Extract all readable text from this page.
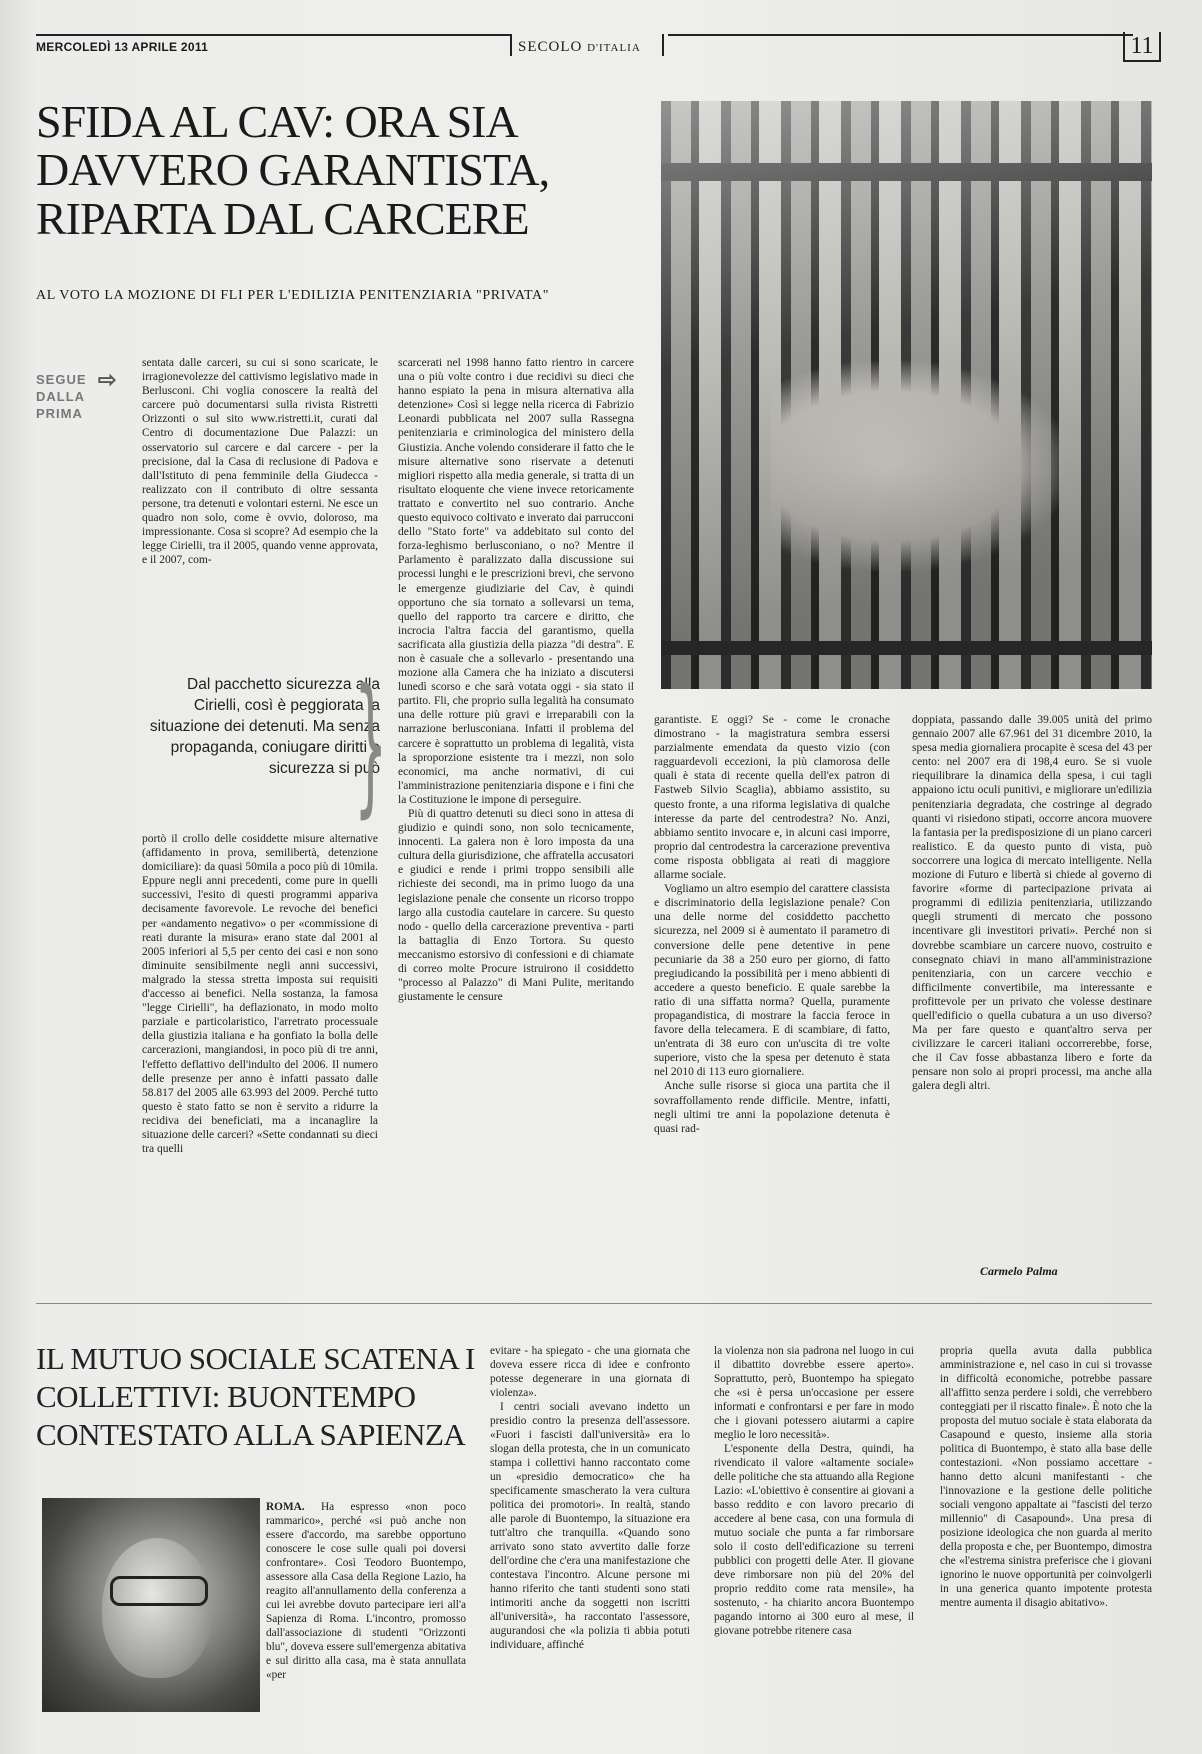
MERCOLEDÌ 13 APRILE 2011	SECOLO D'ITALIA	11
SFIDA AL CAV: ORA SIA DAVVERO GARANTISTA, RIPARTA DAL CARCERE
AL VOTO LA MOZIONE DI FLI PER L'EDILIZIA PENITENZIARIA "PRIVATA"
SEGUE DALLA PRIMA
⇨

sentata dalle carceri, su cui si sono scaricate, le irragionevolezze del cattivismo legislativo made in Berlusconi. Chi voglia conoscere la realtà del carcere può documentarsi sulla rivista Ristretti Orizzonti o sul sito www.ristretti.it, curati dal Centro di documentazione Due Palazzi: un osservatorio sul carcere e dal carcere - per la precisione, dal la Casa di reclusione di Padova e dall'Istituto di pena femminile della Giudecca - realizzato con il contributo di oltre sessanta persone, tra detenuti e volontari esterni. Ne esce un quadro non solo, come è ovvio, doloroso, ma impressionante. Cosa si scopre? Ad esempio che la legge Cirielli, tra il 2005, quando venne approvata, e il 2007, com-

Dal pacchetto sicurezza alla Cirielli, così è peggiorata la situazione dei detenuti. Ma senza propaganda, coniugare diritti e sicurezza si può
}

portò il crollo delle cosiddette misure alternative (affidamento in prova, semilibertà, detenzione domiciliare): da quasi 50mila a poco più di 10mila. Eppure negli anni precedenti, come pure in quelli successivi, l'esito di questi programmi appariva decisamente favorevole. Le revoche dei benefici per «andamento negativo» o per «commissione di reati durante la misura» erano state dal 2001 al 2005 inferiori al 5,5 per cento dei casi e non sono diminuite sensibilmente negli anni successivi, malgrado la stessa stretta imposta sui requisiti d'accesso ai benefici. Nella sostanza, la famosa "legge Cirielli", ha deflazionato, in modo molto parziale e particolaristico, l'arretrato processuale della giustizia italiana e ha gonfiato la bolla delle carcerazioni, mangiandosi, in poco più di tre anni, l'effetto deflattivo dell'indulto del 2006. Il numero delle presenze per anno è infatti passato dalle 58.817 del 2005 alle 63.993 del 2009. Perché tutto questo è stato fatto se non è servito a ridurre la recidiva dei beneficiati, ma a incanaglire la situazione delle carceri? «Sette condannati su dieci tra quelli

scarcerati nel 1998 hanno fatto rientro in carcere una o più volte contro i due recidivi su dieci che hanno espiato la pena in misura alternativa alla detenzione» Così si legge nella ricerca di Fabrizio Leonardi pubblicata nel 2007 sulla Rassegna penitenziaria e criminologica del ministero della Giustizia. Anche volendo considerare il fatto che le misure alternative sono riservate a detenuti migliori rispetto alla media generale, si tratta di un risultato eloquente che viene invece retoricamente trattato e convertito nel suo contrario. Anche questo equivoco coltivato e inverato dai parrucconi dello "Stato forte" va addebitato sul conto del forza-leghismo berlusconiano, o no? Mentre il Parlamento è paralizzato dalla discussione sui processi lunghi e le prescrizioni brevi, che servono le emergenze giudiziarie del Cav, è quindi opportuno che sia tornato a sollevarsi un tema, quello del rapporto tra carcere e diritto, che incrocia l'altra faccia del garantismo, quella sacrificata alla giustizia della piazza "di destra". E non è casuale che a sollevarlo - presentando una mozione alla Camera che ha iniziato a discutersi lunedì scorso e che sarà votata oggi - sia stato il partito. Fli, che proprio sulla legalità ha consumato una delle rotture più gravi e irreparabili con la narrazione berlusconiana. Infatti il problema del carcere è soprattutto un problema di legalità, vista la sproporzione esistente tra i mezzi, non solo economici, ma anche normativi, di cui l'amministrazione penitenziaria dispone e i fini che la Costituzione le impone di perseguire.

Più di quattro detenuti su dieci sono in attesa di giudizio e quindi sono, non solo tecnicamente, innocenti. La galera non è loro imposta da una cultura della giurisdizione, che affratella accusatori e giudici e rende i primi troppo sensibili alle richieste dei secondi, ma in primo luogo da una legislazione penale che consente un ricorso troppo largo alla custodia cautelare in carcere. Su questo nodo - quello della carcerazione preventiva - parti la battaglia di Enzo Tortora. Su questo meccanismo estorsivo di confessioni e di chiamate di correo molte Procure istruirono il cosiddetto "processo al Palazzo" di Mani Pulite, meritando giustamente le censure

garantiste. E oggi? Se - come le cronache dimostrano - la magistratura sembra essersi parzialmente emendata da questo vizio (con ragguardevoli eccezioni, la più clamorosa delle quali è stata di recente quella dell'ex patron di Fastweb Silvio Scaglia), abbiamo assistito, su questo fronte, a una riforma legislativa di qualche interesse da parte del centrodestra? No. Anzi, abbiamo sentito invocare e, in alcuni casi imporre, proprio dal centrodestra la carcerazione preventiva come risposta obbligata ai reati di maggiore allarme sociale.

Vogliamo un altro esempio del carattere classista e discriminatorio della legislazione penale? Con una delle norme del cosiddetto pacchetto sicurezza, nel 2009 si è aumentato il parametro di conversione delle pene detentive in pene pecuniarie da 38 a 250 euro per giorno, di fatto pregiudicando la possibilità per i meno abbienti di accedere a questo beneficio. E quale sarebbe la ratio di una siffatta norma? Quella, puramente propagandistica, di mostrare la faccia feroce in favore della telecamera. E di scambiare, di fatto, un'entrata di 38 euro con un'uscita di tre volte superiore, visto che la spesa per detenuto è stata nel 2010 di 113 euro giornaliere.

Anche sulle risorse si gioca una partita che il sovraffollamento rende difficile. Mentre, infatti, negli ultimi tre anni la popolazione detenuta è quasi rad-

doppiata, passando dalle 39.005 unità del primo gennaio 2007 alle 67.961 del 31 dicembre 2010, la spesa media giornaliera procapite è scesa del 43 per cento: nel 2007 era di 198,4 euro. Se si vuole riequilibrare la dinamica della spesa, i cui tagli appaiono ictu oculi punitivi, e migliorare un'edilizia penitenziaria degradata, che costringe al degrado quanti vi risiedono stipati, occorre ancora muovere la fantasia per la predisposizione di un piano carceri realistico. E da questo punto di vista, può soccorrere una logica di mercato intelligente. Nella mozione di Futuro e libertà si chiede al governo di favorire «forme di partecipazione privata ai programmi di edilizia penitenziaria, utilizzando quegli strumenti di mercato che possono incentivare gli investitori privati». Perché non si dovrebbe scambiare un carcere nuovo, costruito e consegnato chiavi in mano all'amministrazione penitenziaria, con un carcere vecchio e difficilmente convertibile, ma interessante e profittevole per un privato che volesse destinare quell'edificio o quella cubatura a un uso diverso? Ma per fare questo e quant'altro serva per civilizzare le carceri italiani occorrerebbe, forse, che il Cav fosse abbastanza libero e forte da pensare non solo ai propri processi, ma anche alla galera degli altri.

Carmelo Palma
IL MUTUO SOCIALE SCATENA I COLLETTIVI: BUONTEMPO CONTESTATO ALLA SAPIENZA

ROMA. Ha espresso «non poco rammarico», perché «si può anche non essere d'accordo, ma sarebbe opportuno conoscere le cose sulle quali poi doversi confrontare». Così Teodoro Buontempo, assessore alla Casa della Regione Lazio, ha reagito all'annullamento della conferenza a cui lei avrebbe dovuto partecipare ieri all'a Sapienza di Roma. L'incontro, promosso dall'associazione di studenti "Orizzonti blu", doveva essere sull'emergenza abitativa e sul diritto alla casa, ma è stata annullata «per

evitare - ha spiegato - che una giornata che doveva essere ricca di idee e confronto potesse degenerare in una giornata di violenza».

I centri sociali avevano indetto un presidio contro la presenza dell'assessore. «Fuori i fascisti dall'università» era lo slogan della protesta, che in un comunicato stampa i collettivi hanno raccontato come un «presidio democratico» che ha specificamente smascherato la vera cultura politica dei promotori». In realtà, stando alle parole di Buontempo, la situazione era tutt'altro che tranquilla. «Quando sono arrivato sono stato avvertito dalle forze dell'ordine che c'era una manifestazione che contestava l'incontro. Alcune persone mi hanno riferito che tanti studenti sono stati intimoriti anche da soggetti non iscritti all'università», ha raccontato l'assessore, augurandosi che «la polizia ti abbia potuti individuare, affinché

la violenza non sia padrona nel luogo in cui il dibattito dovrebbe essere aperto». Soprattutto, però, Buontempo ha spiegato che «si è persa un'occasione per essere informati e confrontarsi e per fare in modo che i giovani potessero aiutarmi a capire meglio le loro necessità».

L'esponente della Destra, quindi, ha rivendicato il valore «altamente sociale» delle politiche che sta attuando alla Regione Lazio: «L'obiettivo è consentire ai giovani a basso reddito e con lavoro precario di accedere al bene casa, con una formula di mutuo sociale che punta a far rimborsare solo il costo dell'edificazione su terreni pubblici con progetti delle Ater. Il giovane deve rimborsare non più del 20% del proprio reddito come rata mensile», ha sostenuto, - ha chiarito ancora Buontempo pagando intorno ai 300 euro al mese, il giovane potrebbe ritenere casa

propria quella avuta dalla pubblica amministrazione e, nel caso in cui si trovasse in difficoltà economiche, potrebbe passare all'affitto senza perdere i soldi, che verrebbero conteggiati per il riscatto finale». È noto che la proposta del mutuo sociale è stata elaborata da Casapound e questo, insieme alla storia politica di Buontempo, è stato alla base delle contestazioni. «Non possiamo accettare - hanno detto alcuni manifestanti - che l'innovazione e la gestione delle politiche sociali vengono appaltate ai "fascisti del terzo millennio" di Casapound». Una presa di posizione ideologica che non guarda al merito della proposta e che, per Buontempo, dimostra che «l'estrema sinistra preferisce che i giovani ignorino le nuove opportunità per coinvolgerli in una generica quanto impotente protesta mentre aumenta il disagio abitativo».
